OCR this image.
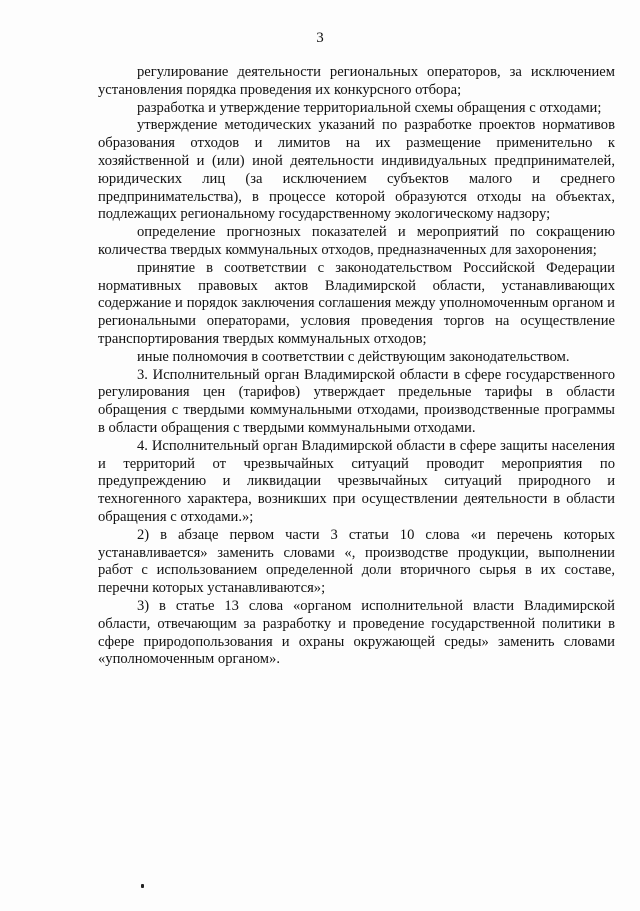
3

регулирование деятельности региональных операторов, за исключением установления порядка проведения их конкурсного отбора;

разработка и утверждение территориальной схемы обращения с отходами;

утверждение методических указаний по разработке проектов нормативов образования отходов и лимитов на их размещение применительно к хозяйственной и (или) иной деятельности индивидуальных предпринимателей, юридических лиц (за исключением субъектов малого и среднего предпринимательства), в процессе которой образуются отходы на объектах, подлежащих региональному государственному экологическому надзору;

определение прогнозных показателей и мероприятий по сокращению количества твердых коммунальных отходов, предназначенных для захоронения;

принятие в соответствии с законодательством Российской Федерации нормативных правовых актов Владимирской области, устанавливающих содержание и порядок заключения соглашения между уполномоченным органом и региональными операторами, условия проведения торгов на осуществление транспортирования твердых коммунальных отходов;

иные полномочия в соответствии с действующим законодательством.

3. Исполнительный орган Владимирской области в сфере государственного регулирования цен (тарифов) утверждает предельные тарифы в области обращения с твердыми коммунальными отходами, производственные программы в области обращения с твердыми коммунальными отходами.

4. Исполнительный орган Владимирской области в сфере защиты населения и территорий от чрезвычайных ситуаций проводит мероприятия по предупреждению и ликвидации чрезвычайных ситуаций природного и техногенного характера, возникших при осуществлении деятельности в области обращения с отходами.»;

2) в абзаце первом части 3 статьи 10 слова «и перечень которых устанавливается» заменить словами «, производстве продукции, выполнении работ с использованием определенной доли вторичного сырья в их составе, перечни которых устанавливаются»;

3) в статье 13 слова «органом исполнительной власти Владимирской области, отвечающим за разработку и проведение государственной политики в сфере природопользования и охраны окружающей среды» заменить словами «уполномоченным органом».
